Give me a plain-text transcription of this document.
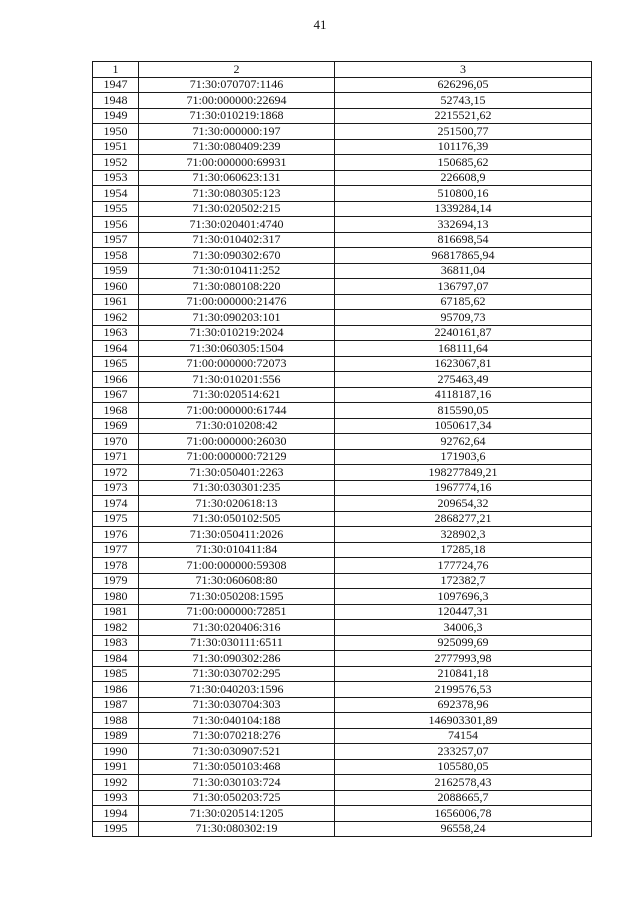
41
1	2	3
1947	71:30:070707:1146	626296,05
1948	71:00:000000:22694	52743,15
1949	71:30:010219:1868	2215521,62
1950	71:30:000000:197	251500,77
1951	71:30:080409:239	101176,39
1952	71:00:000000:69931	150685,62
1953	71:30:060623:131	226608,9
1954	71:30:080305:123	510800,16
1955	71:30:020502:215	1339284,14
1956	71:30:020401:4740	332694,13
1957	71:30:010402:317	816698,54
1958	71:30:090302:670	96817865,94
1959	71:30:010411:252	36811,04
1960	71:30:080108:220	136797,07
1961	71:00:000000:21476	67185,62
1962	71:30:090203:101	95709,73
1963	71:30:010219:2024	2240161,87
1964	71:30:060305:1504	168111,64
1965	71:00:000000:72073	1623067,81
1966	71:30:010201:556	275463,49
1967	71:30:020514:621	4118187,16
1968	71:00:000000:61744	815590,05
1969	71:30:010208:42	1050617,34
1970	71:00:000000:26030	92762,64
1971	71:00:000000:72129	171903,6
1972	71:30:050401:2263	198277849,21
1973	71:30:030301:235	1967774,16
1974	71:30:020618:13	209654,32
1975	71:30:050102:505	2868277,21
1976	71:30:050411:2026	328902,3
1977	71:30:010411:84	17285,18
1978	71:00:000000:59308	177724,76
1979	71:30:060608:80	172382,7
1980	71:30:050208:1595	1097696,3
1981	71:00:000000:72851	120447,31
1982	71:30:020406:316	34006,3
1983	71:30:030111:6511	925099,69
1984	71:30:090302:286	2777993,98
1985	71:30:030702:295	210841,18
1986	71:30:040203:1596	2199576,53
1987	71:30:030704:303	692378,96
1988	71:30:040104:188	146903301,89
1989	71:30:070218:276	74154
1990	71:30:030907:521	233257,07
1991	71:30:050103:468	105580,05
1992	71:30:030103:724	2162578,43
1993	71:30:050203:725	2088665,7
1994	71:30:020514:1205	1656006,78
1995	71:30:080302:19	96558,24
